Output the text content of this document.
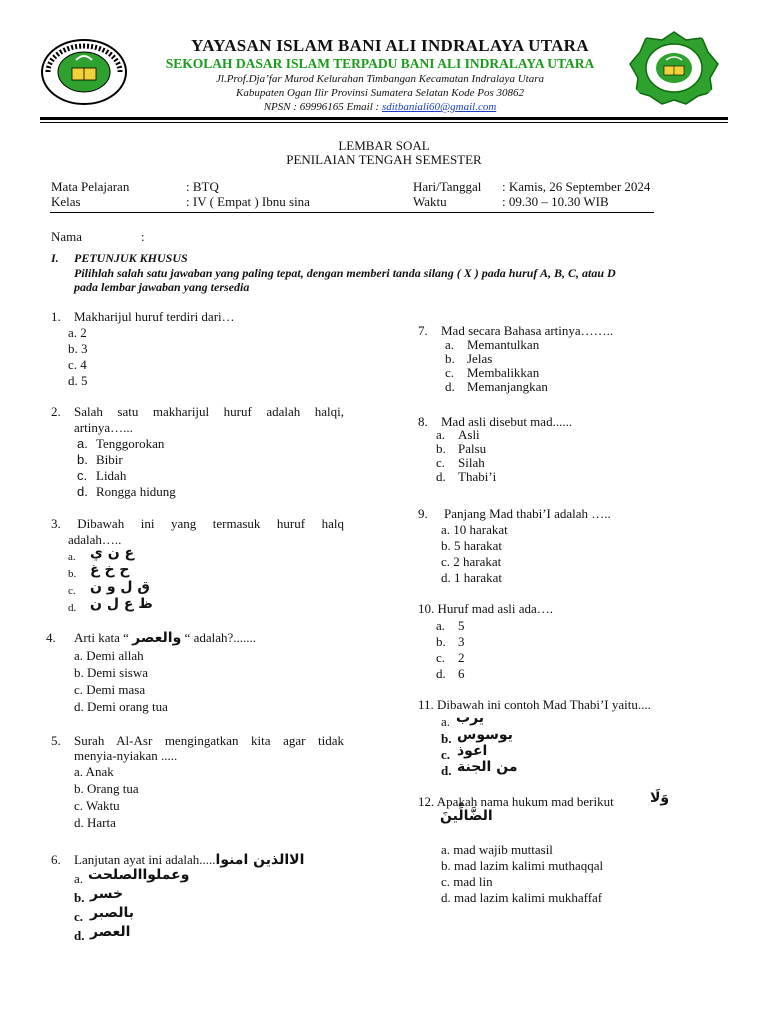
YAYASAN ISLAM BANI ALI INDRALAYA UTARA
SEKOLAH DASAR ISLAM TERPADU BANI ALI INDRALAYA UTARA
Jl.Prof.Dja’far Murod Kelurahan Timbangan Kecamatan Indralaya Utara
Kabupaten Ogan Ilir Provinsi Sumatera Selatan Kode Pos 30862
NPSN : 69996165 Email : sditbaniali60@gmail.com
LEMBAR SOAL
PENILAIAN TENGAH SEMESTER
Mata Pelajaran	: BTQ
Kelas	: IV ( Empat ) Ibnu sina
Hari/Tanggal : Kamis, 26 September 2024
Waktu	: 09.30 – 10.30 WIB
Nama	:
I. PETUNJUK KHUSUS
Pilihlah salah satu jawaban yang paling tepat, dengan memberi tanda silang ( X ) pada huruf A, B, C, atau D
pada lembar jawaban yang tersedia
1. Makharijul huruf terdiri dari…
a. 2
b. 3
c. 4
d. 5
2. Salah satu makharijul huruf adalah halqi,
artinya…...
a. Tenggorokan
b. Bibir
c. Lidah
d. Rongga hidung
3. Dibawah ini yang termasuk huruf halq
adalah…..
a. ع ن ي
b. ح خ غ
c. ق ل و ن
d. ظ ع ل ن
4. Arti kata “ والعصر “ adalah?.......
a. Demi allah
b. Demi siswa
c. Demi masa
d. Demi orang tua
5. Surah Al-Asr mengingatkan kita agar tidak
menyia-nyiakan .....
a. Anak
b. Orang tua
c. Waktu
d. Harta
6. Lanjutan ayat ini adalah.....الاالذين امنوا
a. وعملواالصلحت
b. خسر
c. بالصبر
d. العصر
7. Mad secara Bahasa artinya……..
a. Memantulkan
b. Jelas
c. Membalikkan
d. Memanjangkan
8. Mad asli disebut mad......
a. Asli
b. Palsu
c. Silah
d. Thabi’i
9. Panjang Mad thabi’I adalah …..
a. 10 harakat
b. 5 harakat
c. 2 harakat
d. 1 harakat
10. Huruf mad asli ada….
a. 5
b. 3
c. 2
d. 6
11. Dibawah ini contoh Mad Thabi’I yaitu....
a. يرب
b. يوسوس
c. اعوذ
d. من الجنة
12. Apakah nama hukum mad berikut	وَلَا
الضَّالِّينَ
a. mad wajib muttasil
b. mad lazim kalimi muthaqqal
c. mad lin
d. mad lazim kalimi mukhaffaf
